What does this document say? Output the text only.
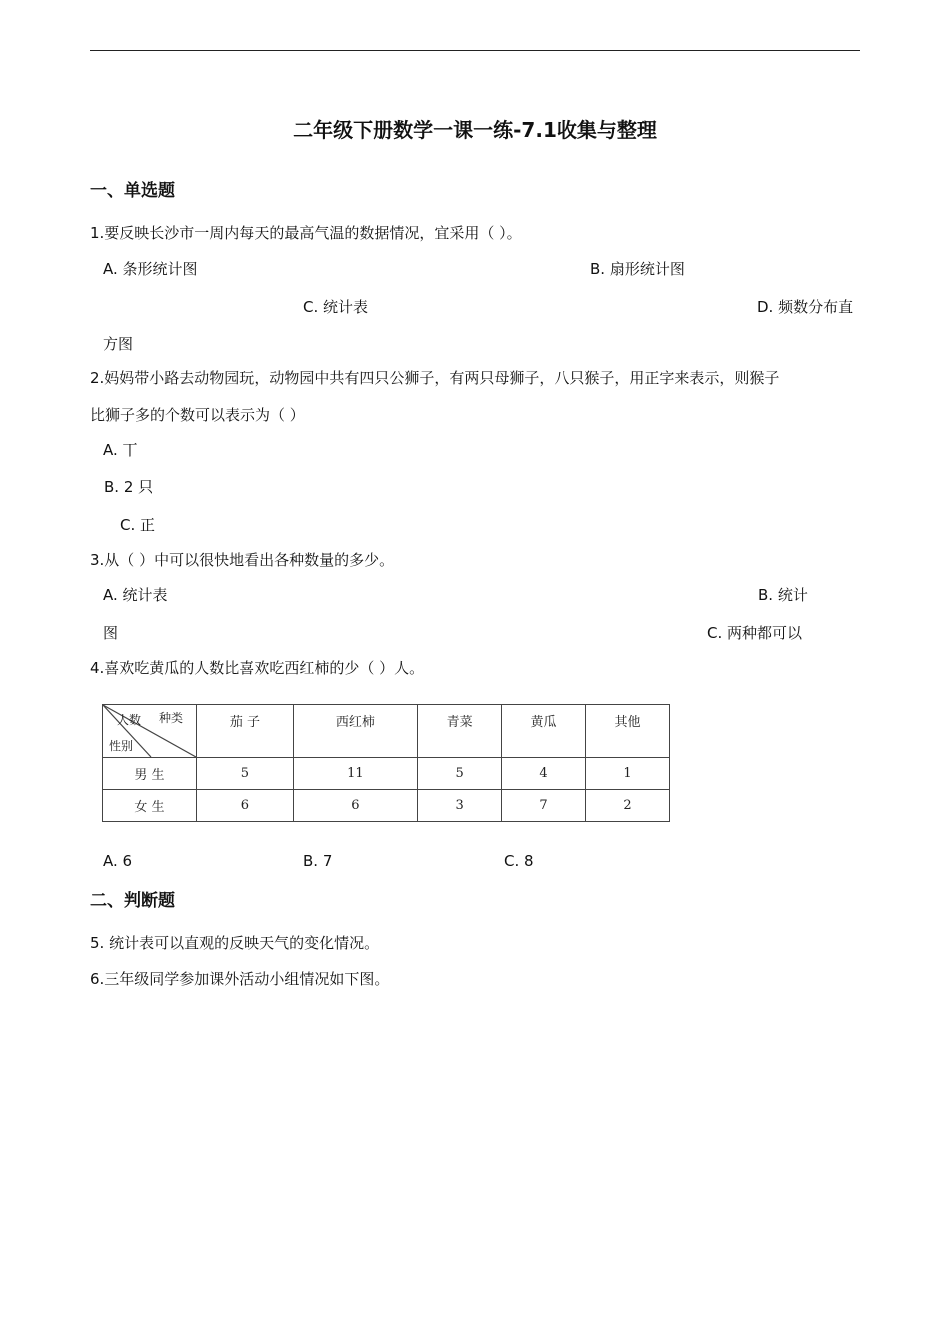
二年级下册数学一课一练-7.1收集与整理
一、单选题
1.要反映长沙市一周内每天的最高气温的数据情况，宜采用（ ）。
A. 条形统计图	B. 扇形统计图
C. 统计表	D. 频数分布直
方图
2.妈妈带小路去动物园玩，动物园中共有四只公狮子，有两只母狮子，八只猴子，用正字来表示，则猴子
比狮子多的个数可以表示为（ ）
A. 丅
B. 2 只
C. 正
3.从（ ）中可以很快地看出各种数量的多少。
A. 统计表	B. 统计
图	C. 两种都可以
4.喜欢吃黄瓜的人数比喜欢吃西红柿的少（ ）人。
种类
人数
性别	茄 子	西红柿	青菜	黄瓜	其他
男 生	5	11	5	4	1
女 生	6	6	3	7	2
A. 6	B. 7	C. 8
二、判断题
5. 统计表可以直观的反映天气的变化情况。
6.三年级同学参加课外活动小组情况如下图。
